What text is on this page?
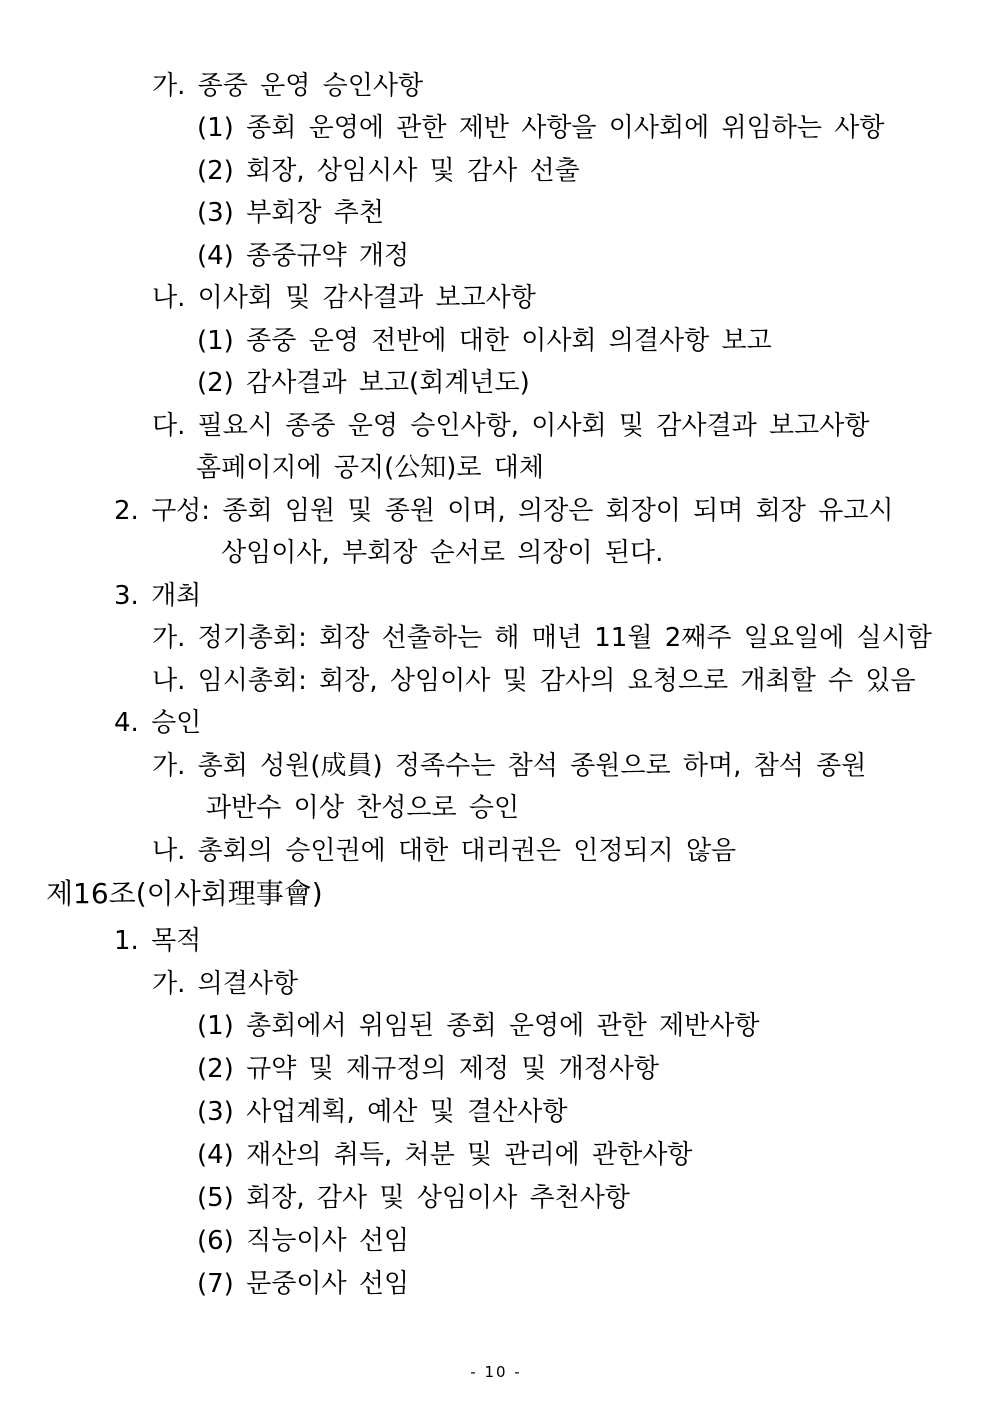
가. 종중 운영 승인사항
(1) 종회 운영에 관한 제반 사항을 이사회에 위임하는 사항
(2) 회장, 상임시사 및 감사 선출
(3) 부회장 추천
(4) 종중규약 개정
나. 이사회 및 감사결과 보고사항
(1) 종중 운영 전반에 대한 이사회 의결사항 보고
(2) 감사결과 보고(회계년도)
다. 필요시 종중 운영 승인사항, 이사회 및 감사결과 보고사항
홈페이지에 공지(公知)로 대체
2. 구성: 종회 임원 및 종원 이며, 의장은 회장이 되며 회장 유고시
상임이사, 부회장 순서로 의장이 된다.
3. 개최
가. 정기총회: 회장 선출하는 해 매년 11월 2째주 일요일에 실시함
나. 임시총회: 회장, 상임이사 및 감사의 요청으로 개최할 수 있음
4. 승인
가. 총회 성원(成員) 정족수는 참석 종원으로 하며, 참석 종원
과반수 이상 찬성으로 승인
나. 총회의 승인권에 대한 대리권은 인정되지 않음
제16조(이사회理事會)
1. 목적
가. 의결사항
(1) 총회에서 위임된 종회 운영에 관한 제반사항
(2) 규약 및 제규정의 제정 및 개정사항
(3) 사업계획, 예산 및 결산사항
(4) 재산의 취득, 처분 및 관리에 관한사항
(5) 회장, 감사 및 상임이사 추천사항
(6) 직능이사 선임
(7) 문중이사 선임
- 10 -
